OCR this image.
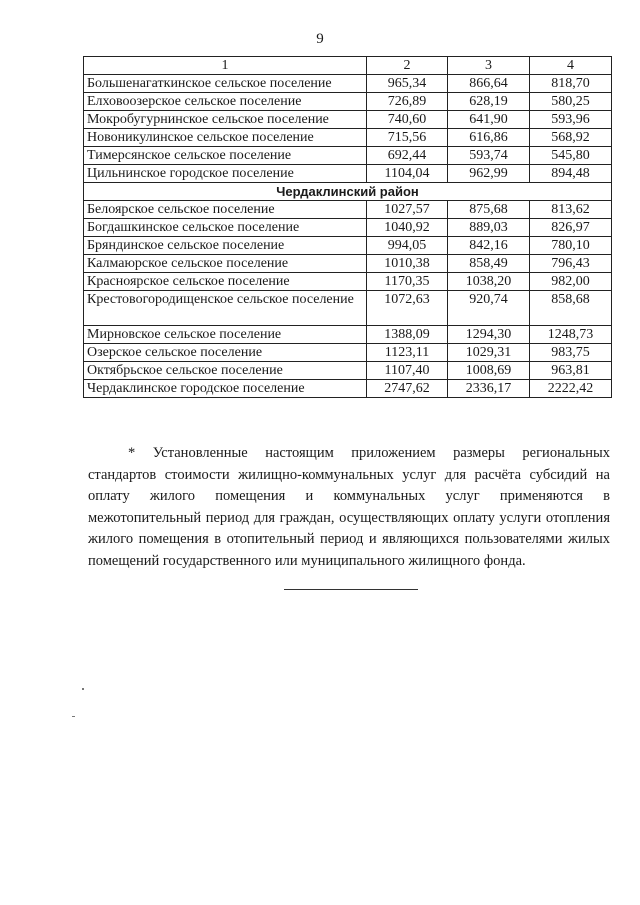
9
1	2	3	4
Большенагаткинское сельское поселение	965,34	866,64	818,70
Елховоозерское сельское поселение	726,89	628,19	580,25
Мокробугурнинское сельское поселение	740,60	641,90	593,96
Новоникулинское сельское поселение	715,56	616,86	568,92
Тимерсянское сельское поселение	692,44	593,74	545,80
Цильнинское городское поселение	1104,04	962,99	894,48
Чердаклинский район			
Белоярское сельское поселение	1027,57	875,68	813,62
Богдашкинское сельское поселение	1040,92	889,03	826,97
Бряндинское сельское поселение	994,05	842,16	780,10
Калмаюрское сельское поселение	1010,38	858,49	796,43
Красноярское сельское поселение	1170,35	1038,20	982,00
Крестовогородищенское сельское поселение	1072,63	920,74	858,68
Мирновское сельское поселение	1388,09	1294,30	1248,73
Озерское сельское поселение	1123,11	1029,31	983,75
Октябрьское сельское поселение	1107,40	1008,69	963,81
Чердаклинское городское поселение	2747,62	2336,17	2222,42

* Установленные настоящим приложением размеры региональных стандартов стоимости жилищно-коммунальных услуг для расчёта субсидий на оплату жилого помещения и коммунальных услуг применяются в межотопительный период для граждан, осуществляющих оплату услуги отопления жилого помещения в отопительный период и являющихся пользователями жилых помещений государственного или муниципального жилищного фонда.
